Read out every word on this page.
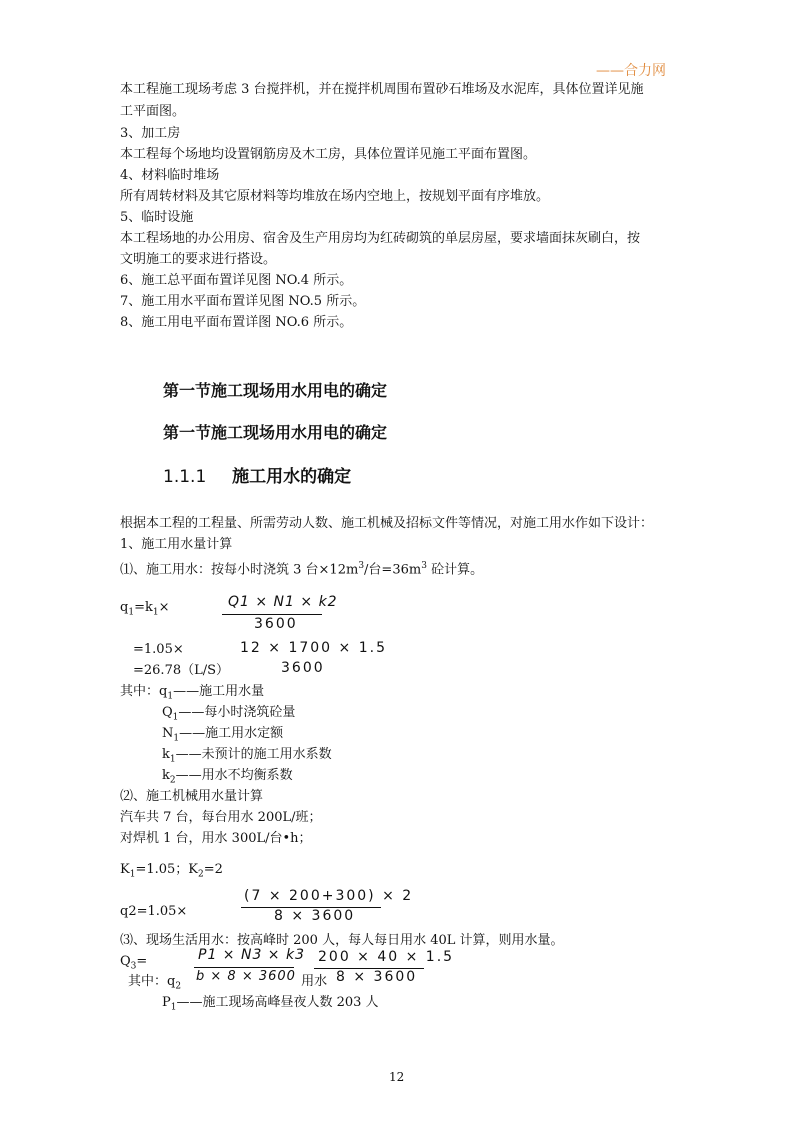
——合力网
本工程施工现场考虑 3 台搅拌机，并在搅拌机周围布置砂石堆场及水泥库，具体位置详见施
工平面图。
3、加工房
本工程每个场地均设置钢筋房及木工房，具体位置详见施工平面布置图。
4、材料临时堆场
所有周转材料及其它原材料等均堆放在场内空地上，按规划平面有序堆放。
5、临时设施
本工程场地的办公用房、宿舍及生产用房均为红砖砌筑的单层房屋，要求墙面抹灰刷白，按
文明施工的要求进行搭设。
6、施工总平面布置详见图 NO.4 所示。
7、施工用水平面布置详见图 NO.5 所示。
8、施工用电平面布置详图 NO.6 所示。
第一节施工现场用水用电的确定
第一节施工现场用水用电的确定
1.1.1 施工用水的确定
根据本工程的工程量、所需劳动人数、施工机械及招标文件等情况，对施工用水作如下设计：
1、施工用水量计算
⑴、施工用水：按每小时浇筑 3 台$\times 12m^3/$台$=36m^3$ 砼计算。
$q_1=k_1\times$	Q1 × N1 × k2
3600
=1.05×	12 × 1700 × 1.5
=26.78（L/S）	3600
其中：$q_1——$施工用水量
$Q_1——$每小时浇筑砼量
$N_1——$施工用水定额
$k_1——$未预计的施工用水系数
$k_2——$用水不均衡系数
⑵、施工机械用水量计算
汽车共 7 台，每台用水 200L/班；
对焊机 1 台，用水 300L/台•h；
$K_1=1.05$；$K_2=2$
(7 × 200+300) × 2
q2=1.05×	8 × 3600
⑶、现场生活用水：按高峰时 200 人，每人每日用水 40L 计算，则用水量。
$Q_3=$	P1 × N3 × k3
b × 8 × 3600
200 × 40 × 1.5
8 × 3600
其中：$q_2$	用水
$P_1——$施工现场高峰昼夜人数 203 人
12
